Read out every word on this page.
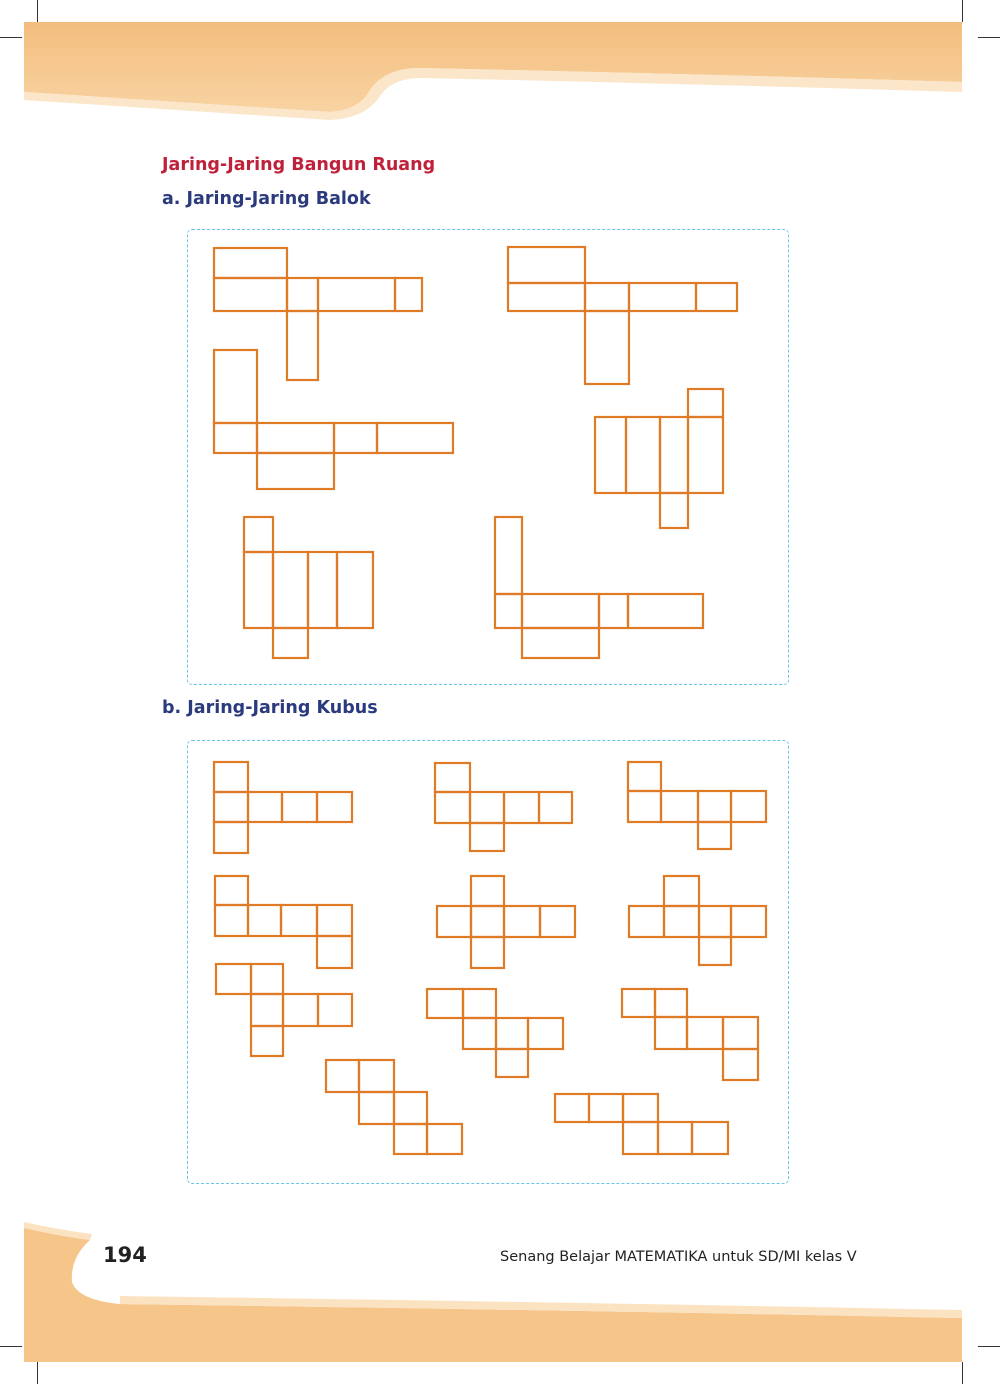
Jaring-Jaring Bangun Ruang
a. Jaring-Jaring Balok
b. Jaring-Jaring Kubus

194	Senang Belajar MATEMATIKA untuk SD/MI kelas V
